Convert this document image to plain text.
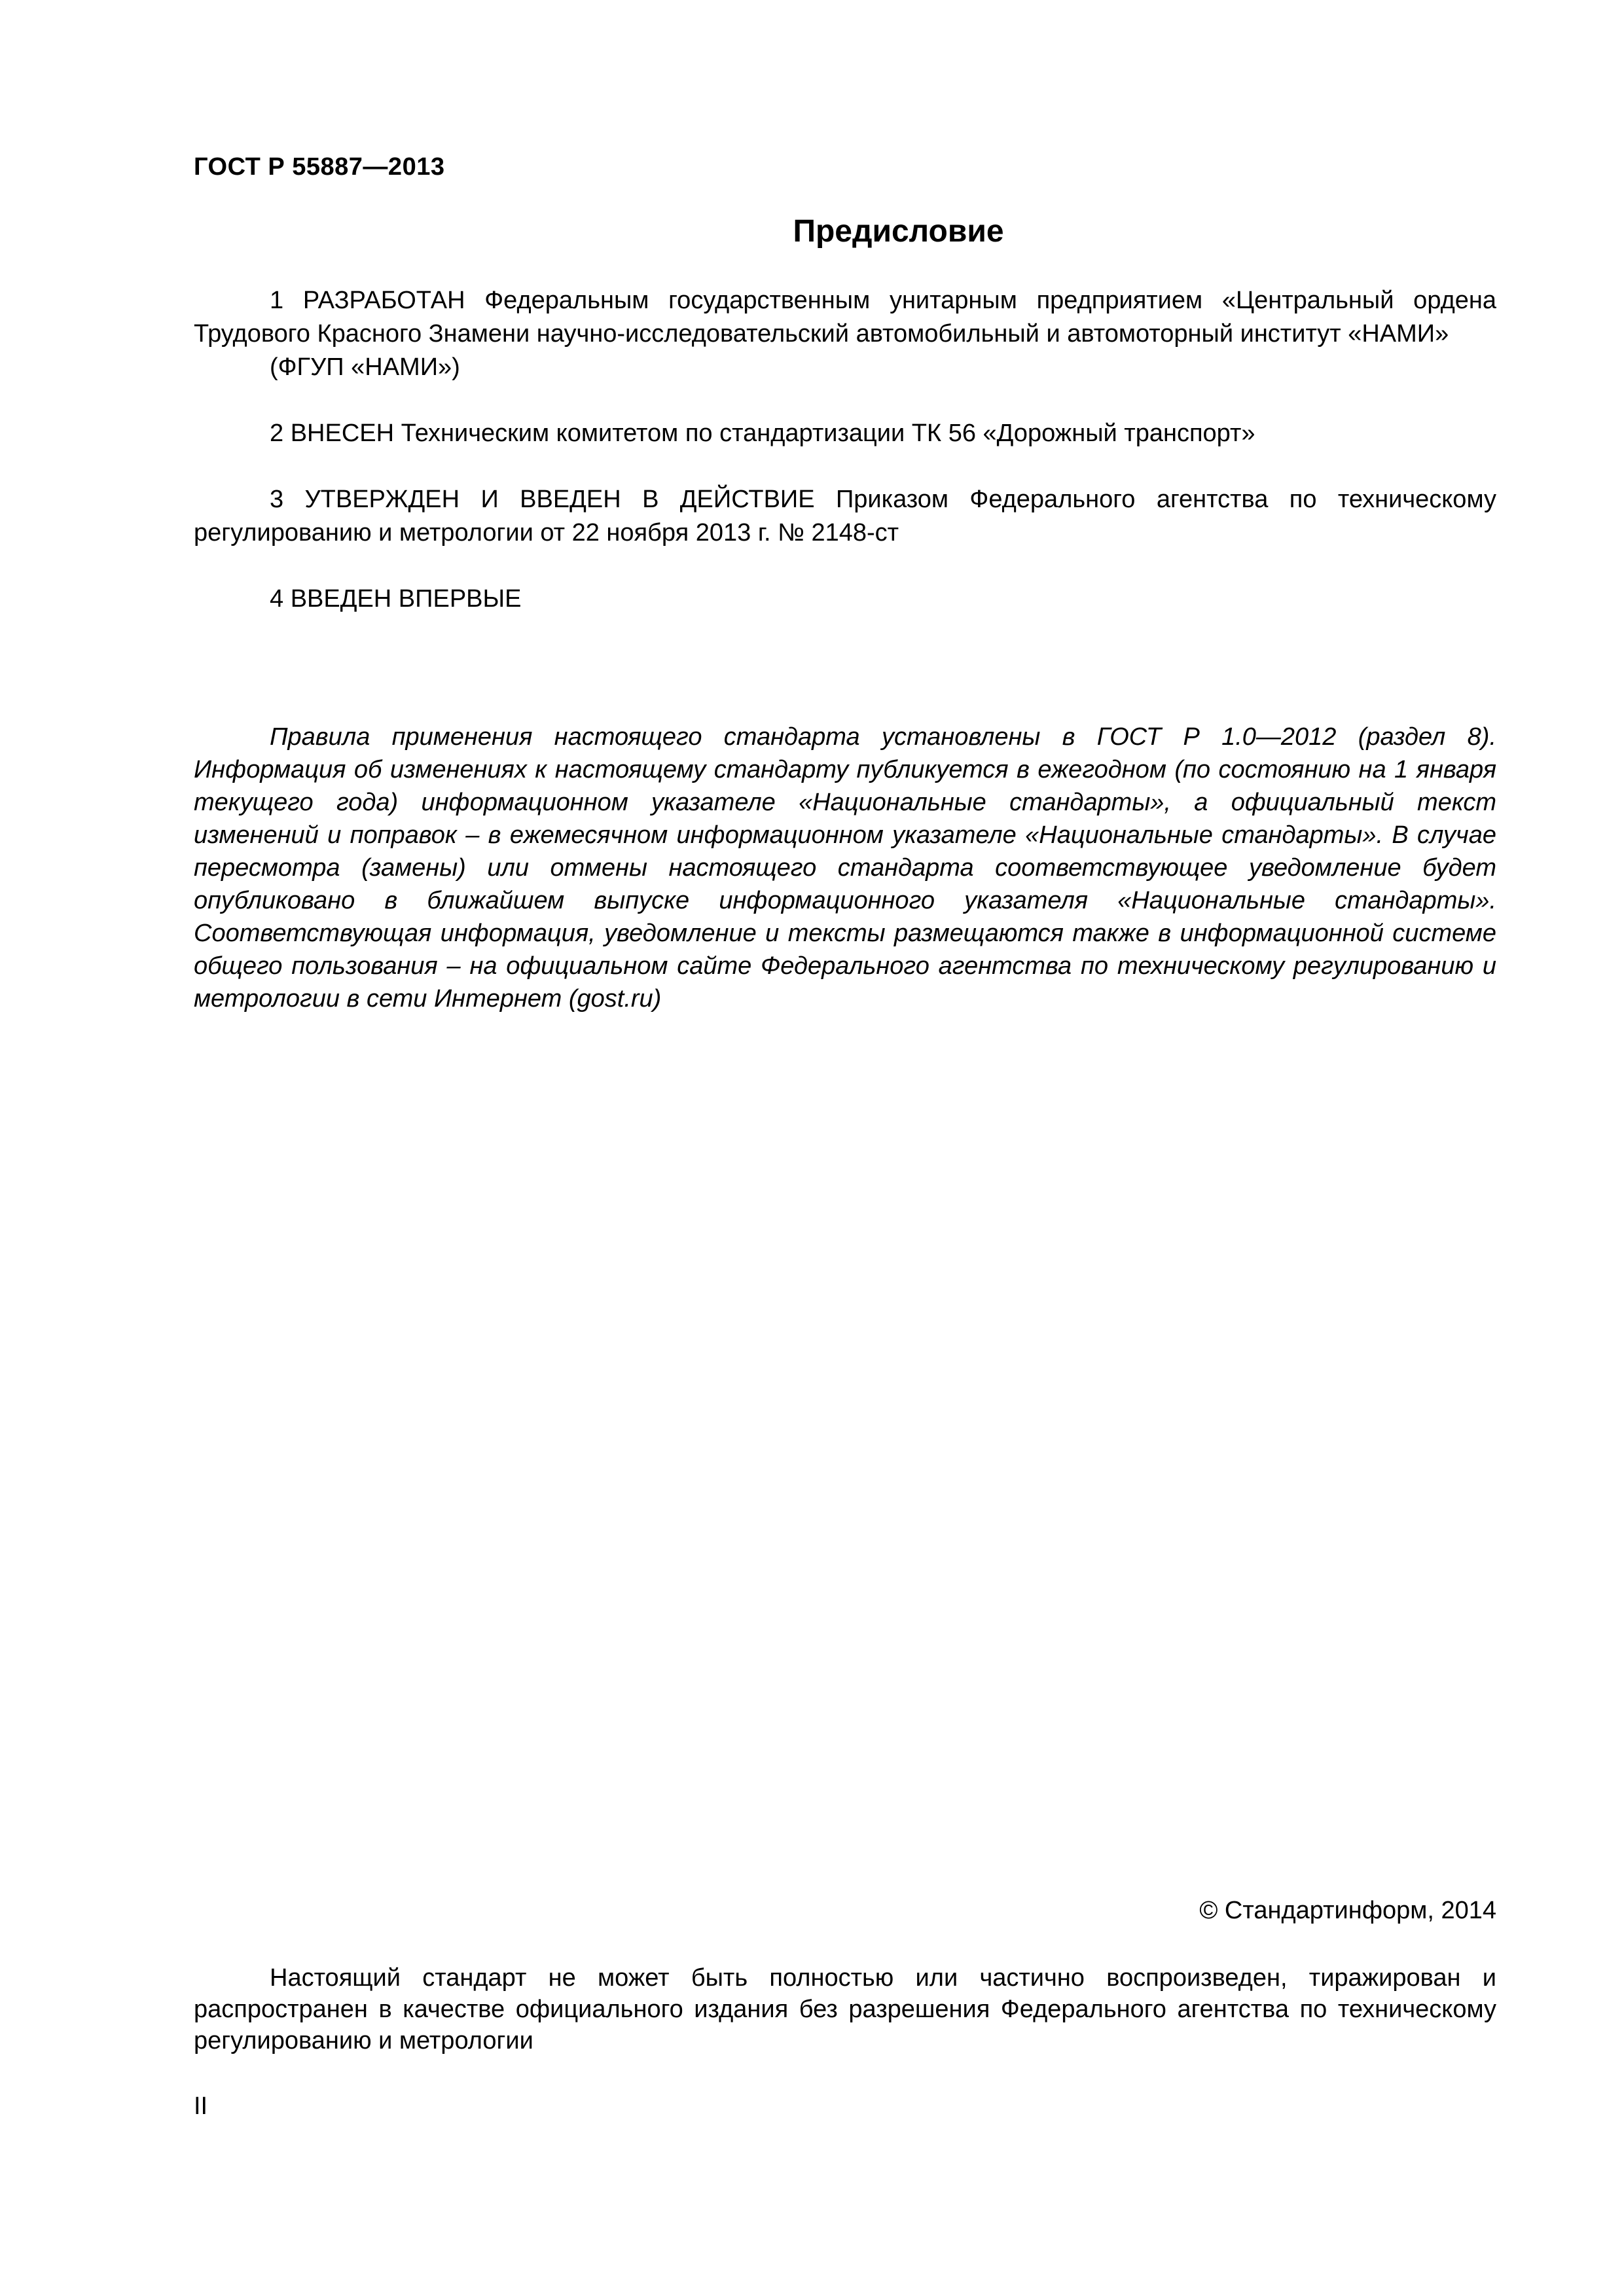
ГОСТ Р 55887—2013
Предисловие

1 РАЗРАБОТАН Федеральным государственным унитарным предприятием «Центральный ордена Трудового Красного Знамени научно-исследовательский автомобильный и автомоторный институт «НАМИ»

(ФГУП «НАМИ»)

2 ВНЕСЕН Техническим комитетом по стандартизации ТК 56 «Дорожный транспорт»

3 УТВЕРЖДЕН И ВВЕДЕН В ДЕЙСТВИЕ Приказом Федерального агентства по техническому регулированию и метрологии от 22 ноября 2013 г. № 2148-ст

4 ВВЕДЕН ВПЕРВЫЕ

Правила применения настоящего стандарта установлены в ГОСТ Р 1.0—2012 (раздел 8). Информация об изменениях к настоящему стандарту публикуется в ежегодном (по состоянию на 1 января текущего года) информационном указателе «Национальные стандарты», а официальный текст изменений и поправок – в ежемесячном информационном указателе «Национальные стандарты». В случае пересмотра (замены) или отмены настоящего стандарта соответствующее уведомление будет опубликовано в ближайшем выпуске информационного указателя «Национальные стандарты». Соответствующая информация, уведомление и тексты размещаются также в информационной системе общего пользования – на официальном сайте Федерального агентства по техническому регулированию и метрологии в сети Интернет (gost.ru)

© Стандартинформ, 2014

Настоящий стандарт не может быть полностью или частично воспроизведен, тиражирован и распространен в качестве официального издания без разрешения Федерального агентства по техническому регулированию и метрологии

II
